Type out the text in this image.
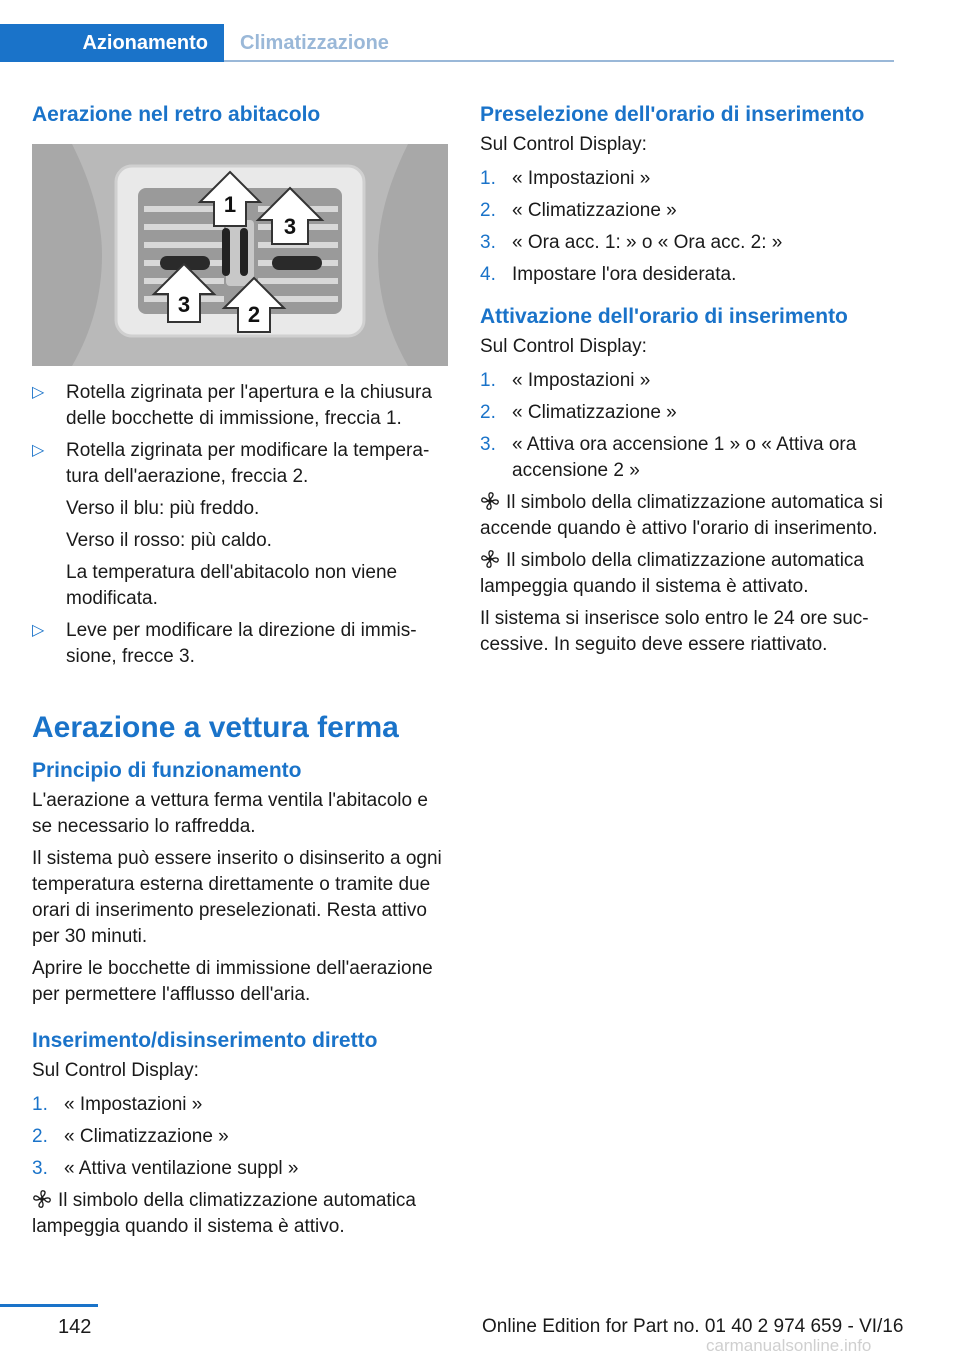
Azionamento	Climatizzazione
Aerazione nel retro abitacolo
1
2
3
3
▷ Rotella zigrinata per l'apertura e la chiusura delle bocchette di immissione, freccia 1.
▷ Rotella zigrinata per modificare la temperatura dell'aerazione, freccia 2.
Verso il blu: più freddo.
Verso il rosso: più caldo.
La temperatura dell'abitacolo non viene modificata.
▷ Leve per modificare la direzione di immissione, frecce 3.
Aerazione a vettura ferma
Principio di funzionamento

L'aerazione a vettura ferma ventila l'abitacolo e se necessario lo raffredda.

Il sistema può essere inserito o disinserito a ogni temperatura esterna direttamente o tramite due orari di inserimento preselezionati. Resta attivo per 30 minuti.

Aprire le bocchette di immissione dell'aerazione per permettere l'afflusso dell'aria.

Inserimento/disinserimento diretto

Sul Control Display:

1. « Impostazioni »
2. « Climatizzazione »
3. « Attiva ventilazione suppl »

Il simbolo della climatizzazione automatica lampeggia quando il sistema è attivo.

Preselezione dell'orario di inserimento

Sul Control Display:

1. « Impostazioni »
2. « Climatizzazione »
3. « Ora acc. 1: » o « Ora acc. 2: »
4. Impostare l'ora desiderata.
Attivazione dell'orario di inserimento

Sul Control Display:

1. « Impostazioni »
2. « Climatizzazione »
3. « Attiva ora accensione 1 » o « Attiva ora accensione 2 »

Il simbolo della climatizzazione automatica si accende quando è attivo l'orario di inserimento.

Il simbolo della climatizzazione automatica lampeggia quando il sistema è attivato.

Il sistema si inserisce solo entro le 24 ore successive. In seguito deve essere riattivato.

142	Online Edition for Part no. 01 40 2 974 659 - VI/16
carmanualsonline.info
